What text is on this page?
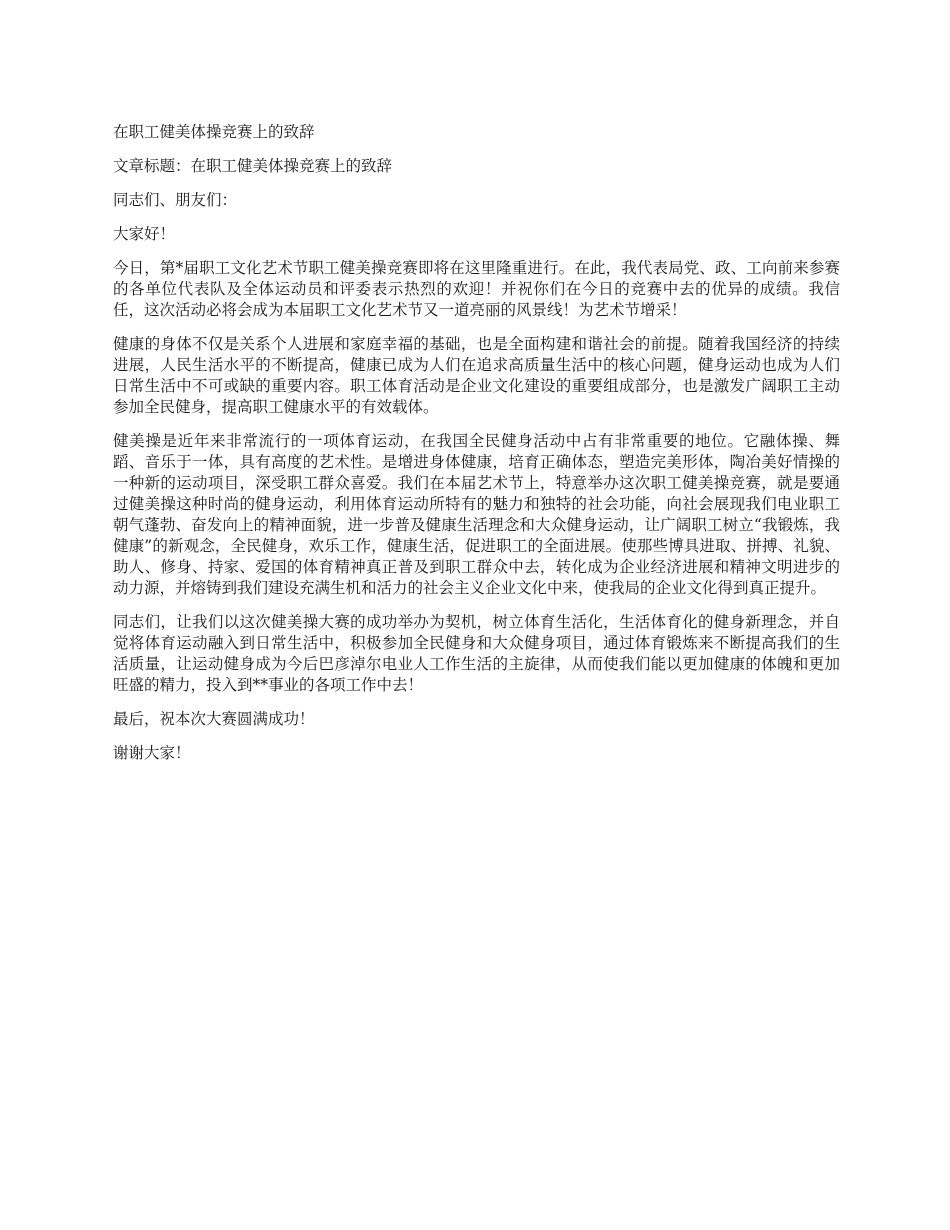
在职工健美体操竞赛上的致辞

文章标题：在职工健美体操竞赛上的致辞

同志们、朋友们：

大家好！

今日，第*届职工文化艺术节职工健美操竞赛即将在这里隆重进行。在此，我代表局党、政、工向前来参赛的各单位代表队及全体运动员和评委表示热烈的欢迎！并祝你们在今日的竞赛中去的优异的成绩。我信任，这次活动必将会成为本届职工文化艺术节又一道亮丽的风景线！为艺术节增采！

健康的身体不仅是关系个人进展和家庭幸福的基础，也是全面构建和谐社会的前提。随着我国经济的持续进展，人民生活水平的不断提高，健康已成为人们在追求高质量生活中的核心问题，健身运动也成为人们日常生活中不可或缺的重要内容。职工体育活动是企业文化建设的重要组成部分，也是激发广阔职工主动参加全民健身，提高职工健康水平的有效载体。

健美操是近年来非常流行的一项体育运动，在我国全民健身活动中占有非常重要的地位。它融体操、舞蹈、音乐于一体，具有高度的艺术性。是增进身体健康，培育正确体态，塑造完美形体，陶冶美好情操的一种新的运动项目，深受职工群众喜爱。我们在本届艺术节上，特意举办这次职工健美操竞赛，就是要通过健美操这种时尚的健身运动，利用体育运动所特有的魅力和独特的社会功能，向社会展现我们电业职工朝气蓬勃、奋发向上的精神面貌，进一步普及健康生活理念和大众健身运动，让广阔职工树立“我锻炼，我健康”的新观念，全民健身，欢乐工作，健康生活，促进职工的全面进展。使那些博具进取、拼搏、礼貌、助人、修身、持家、爱国的体育精神真正普及到职工群众中去，转化成为企业经济进展和精神文明进步的动力源，并熔铸到我们建设充满生机和活力的社会主义企业文化中来，使我局的企业文化得到真正提升。

同志们，让我们以这次健美操大赛的成功举办为契机，树立体育生活化，生活体育化的健身新理念，并自觉将体育运动融入到日常生活中，积极参加全民健身和大众健身项目，通过体育锻炼来不断提高我们的生活质量，让运动健身成为今后巴彦淖尔电业人工作生活的主旋律，从而使我们能以更加健康的体魄和更加旺盛的精力，投入到**事业的各项工作中去！

最后，祝本次大赛圆满成功！

谢谢大家！
